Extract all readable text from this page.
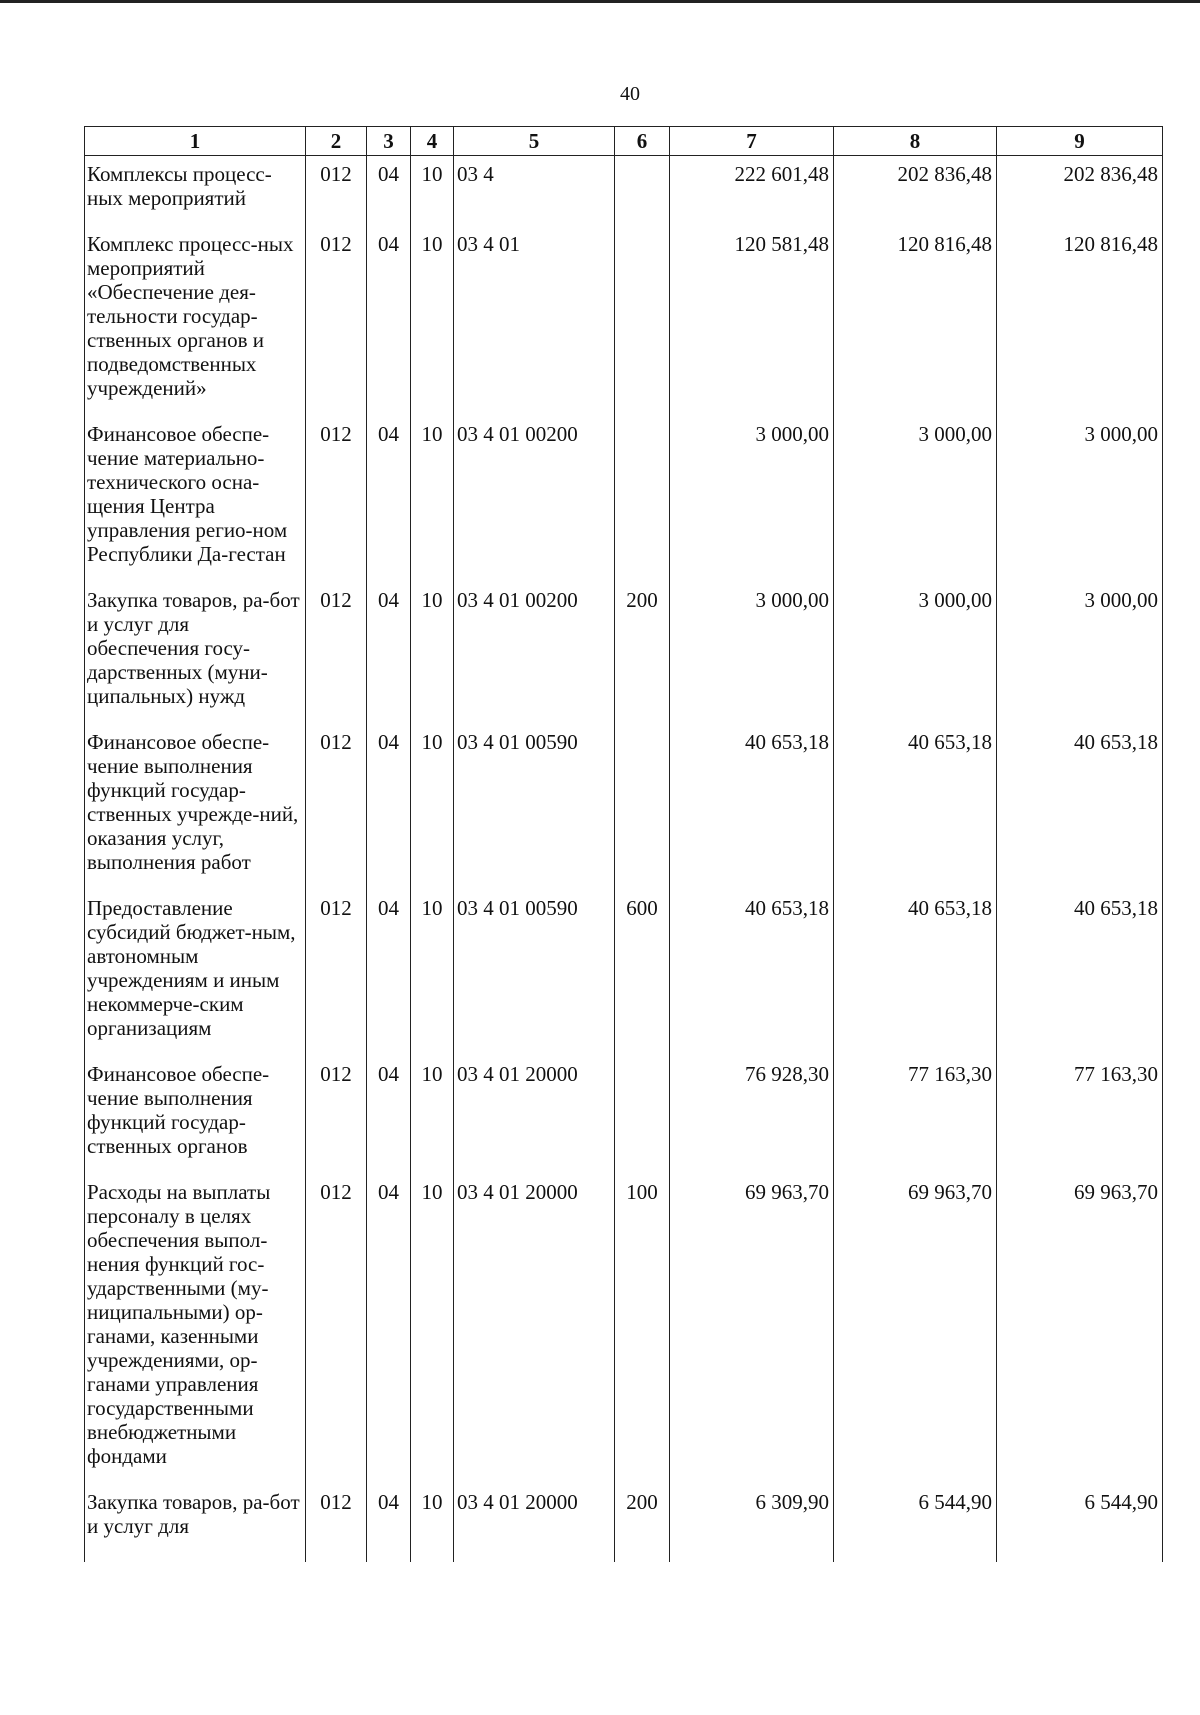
40
1	2	3	4	5	6	7	8	9
Комплексы процесс-ных мероприятий	012	04	10	03 4		222 601,48	202 836,48	202 836,48
Комплекс процесс-ных мероприятий «Обеспечение дея-тельности государ-ственных органов и подведомственных учреждений»	012	04	10	03 4 01		120 581,48	120 816,48	120 816,48
Финансовое обеспе-чение материально-технического осна-щения Центра управления регио-ном Республики Да-гестан	012	04	10	03 4 01 00200		3 000,00	3 000,00	3 000,00
Закупка товаров, ра-бот и услуг для обеспечения госу-дарственных (муни-ципальных) нужд	012	04	10	03 4 01 00200	200	3 000,00	3 000,00	3 000,00
Финансовое обеспе-чение выполнения функций государ-ственных учрежде-ний, оказания услуг, выполнения работ	012	04	10	03 4 01 00590		40 653,18	40 653,18	40 653,18
Предоставление субсидий бюджет-ным, автономным учреждениям и иным некоммерче-ским организациям	012	04	10	03 4 01 00590	600	40 653,18	40 653,18	40 653,18
Финансовое обеспе-чение выполнения функций государ-ственных органов	012	04	10	03 4 01 20000		76 928,30	77 163,30	77 163,30
Расходы на выплаты персоналу в целях обеспечения выпол-нения функций гос-ударственными (му-ниципальными) ор-ганами, казенными учреждениями, ор-ганами управления государственными внебюджетными фондами	012	04	10	03 4 01 20000	100	69 963,70	69 963,70	69 963,70
Закупка товаров, ра-бот и услуг для	012	04	10	03 4 01 20000	200	6 309,90	6 544,90	6 544,90
